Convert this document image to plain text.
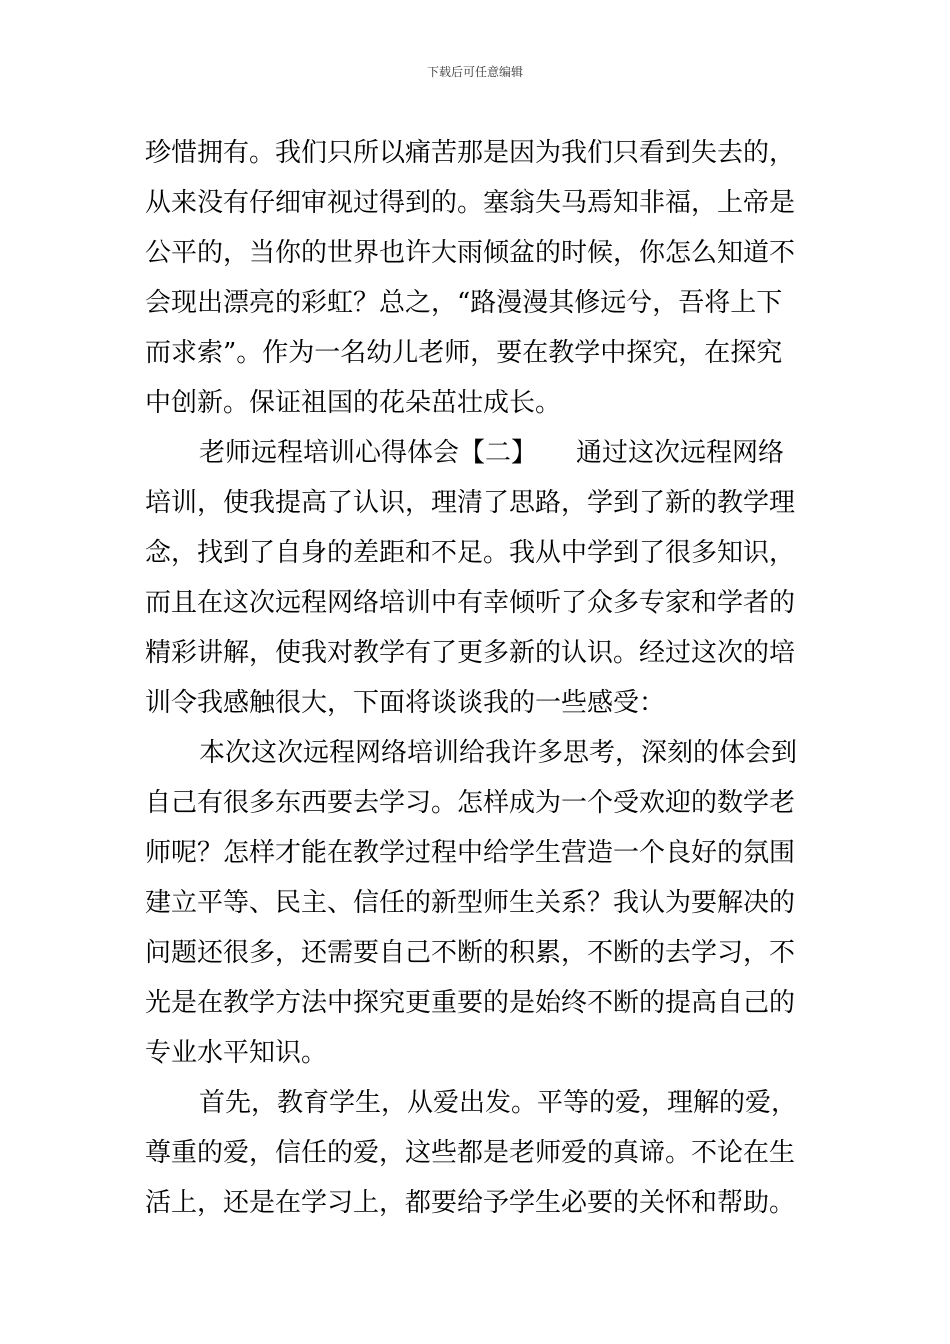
下载后可任意编辑
珍惜拥有。我们只所以痛苦那是因为我们只看到失去的，
从来没有仔细审视过得到的。塞翁失马焉知非福，上帝是
公平的，当你的世界也许大雨倾盆的时候，你怎么知道不
会现出漂亮的彩虹？总之，“路漫漫其修远兮，吾将上下
而求索”。作为一名幼儿老师，要在教学中探究，在探究
中创新。保证祖国的花朵茁壮成长。
老师远程培训心得体会【二】　　通过这次远程网络
培训，使我提高了认识，理清了思路，学到了新的教学理
念，找到了自身的差距和不足。我从中学到了很多知识，
而且在这次远程网络培训中有幸倾听了众多专家和学者的
精彩讲解，使我对教学有了更多新的认识。经过这次的培
训令我感触很大，下面将谈谈我的一些感受：
本次这次远程网络培训给我许多思考，深刻的体会到
自己有很多东西要去学习。怎样成为一个受欢迎的数学老
师呢？怎样才能在教学过程中给学生营造一个良好的氛围
建立平等、民主、信任的新型师生关系？我认为要解决的
问题还很多，还需要自己不断的积累，不断的去学习，不
光是在教学方法中探究更重要的是始终不断的提高自己的
专业水平知识。
首先，教育学生，从爱出发。平等的爱，理解的爱，
尊重的爱，信任的爱，这些都是老师爱的真谛。不论在生
活上，还是在学习上，都要给予学生必要的关怀和帮助。
